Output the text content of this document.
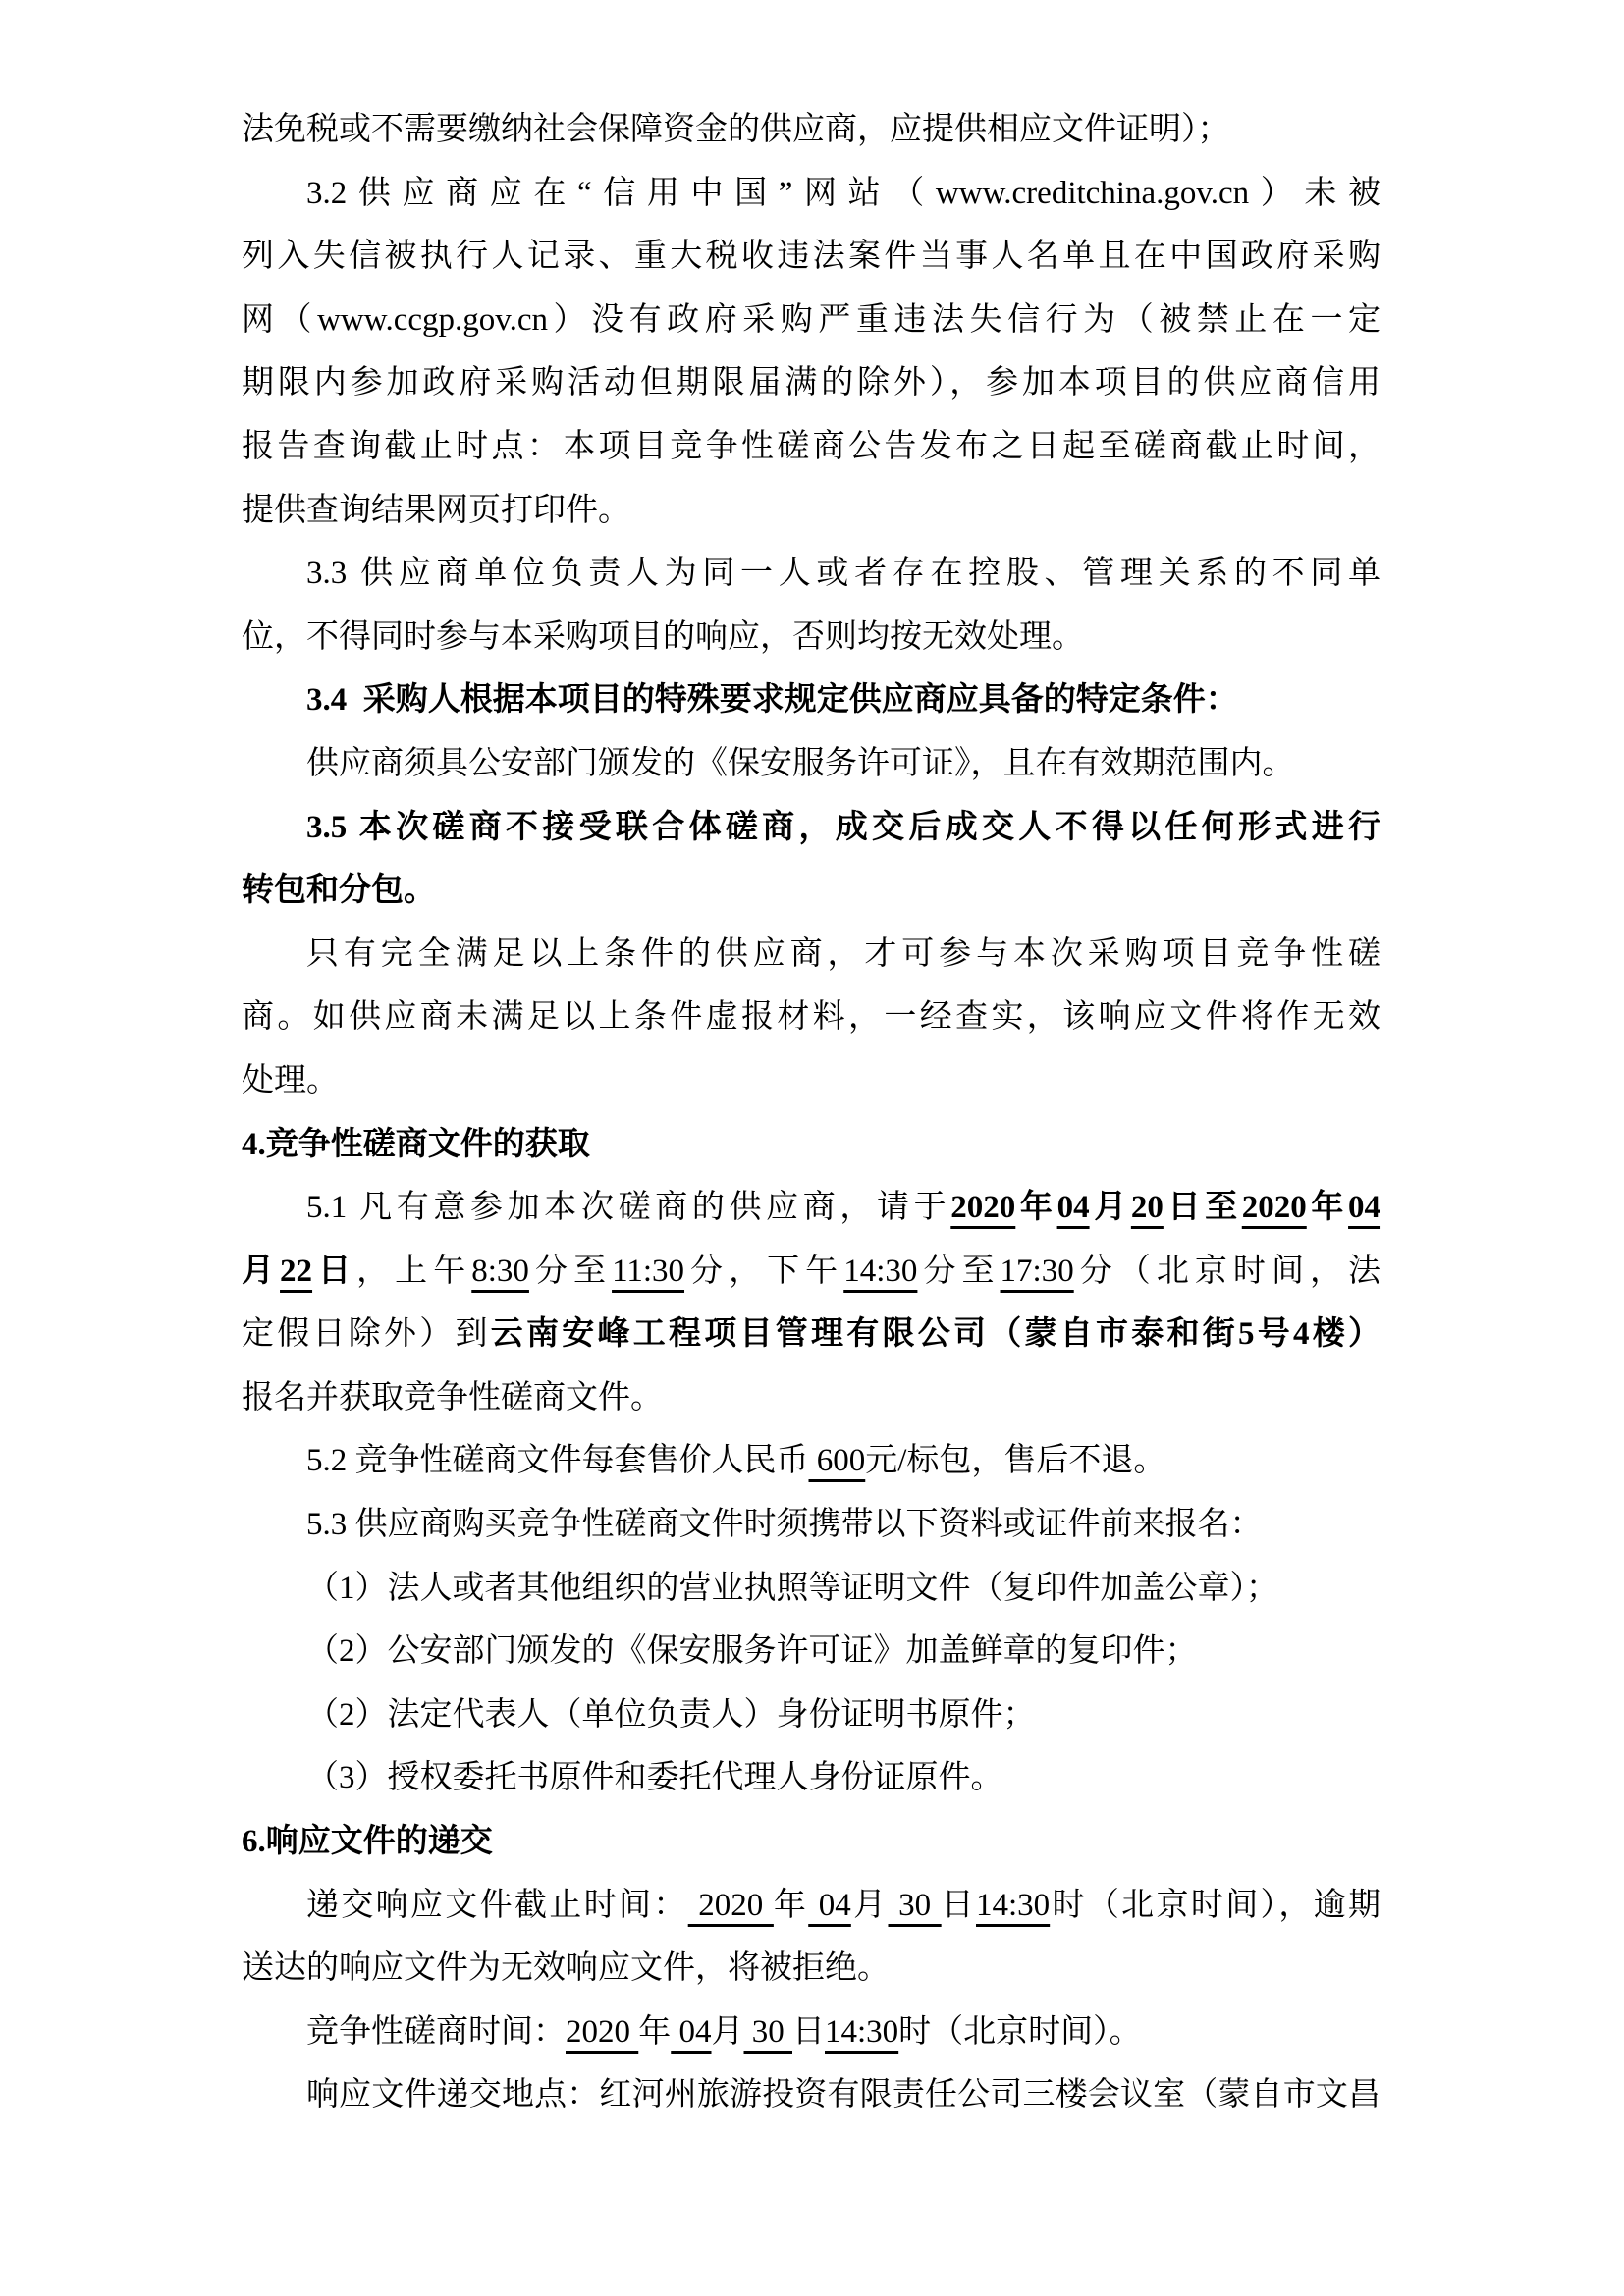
法免税或不需要缴纳社会保障资金的供应商，应提供相应文件证明）；
3.2供应商应在“信用中国”网站（www.creditchina.gov.cn）未被
列入失信被执行人记录、重大税收违法案件当事人名单且在中国政府采购
网（www.ccgp.gov.cn）没有政府采购严重违法失信行为（被禁止在一定
期限内参加政府采购活动但期限届满的除外），参加本项目的供应商信用
报告查询截止时点：本项目竞争性磋商公告发布之日起至磋商截止时间，
提供查询结果网页打印件。
3.3 供应商单位负责人为同一人或者存在控股、管理关系的不同单
位，不得同时参与本采购项目的响应，否则均按无效处理。
3.4  采购人根据本项目的特殊要求规定供应商应具备的特定条件：
供应商须具公安部门颁发的《保安服务许可证》，且在有效期范围内。
3.5 本次磋商不接受联合体磋商，成交后成交人不得以任何形式进行
转包和分包。
只有完全满足以上条件的供应商，才可参与本次采购项目竞争性磋
商。如供应商未满足以上条件虚报材料，一经查实，该响应文件将作无效
处理。
4.竞争性磋商文件的获取
5.1 凡有意参加本次磋商的供应商，请于2020年04月20日至2020年04
月22日，上午8:30分至11:30分，下午14:30分至17:30分（北京时间，法
定假日除外）到云南安峰工程项目管理有限公司（蒙自市泰和街5号4楼）
报名并获取竞争性磋商文件。
5.2 竞争性磋商文件每套售价人民币 600元/标包，售后不退。
5.3 供应商购买竞争性磋商文件时须携带以下资料或证件前来报名：
（1）法人或者其他组织的营业执照等证明文件（复印件加盖公章）；
（2）公安部门颁发的《保安服务许可证》加盖鲜章的复印件；
（2）法定代表人（单位负责人）身份证明书原件；
（3）授权委托书原件和委托代理人身份证原件。
6.响应文件的递交
递交响应文件截止时间： 2020 年 04月 30 日14:30时（北京时间），逾期
送达的响应文件为无效响应文件，将被拒绝。
竞争性磋商时间：2020 年 04月 30 日14:30时（北京时间）。
响应文件递交地点：红河州旅游投资有限责任公司三楼会议室（蒙自市文昌
